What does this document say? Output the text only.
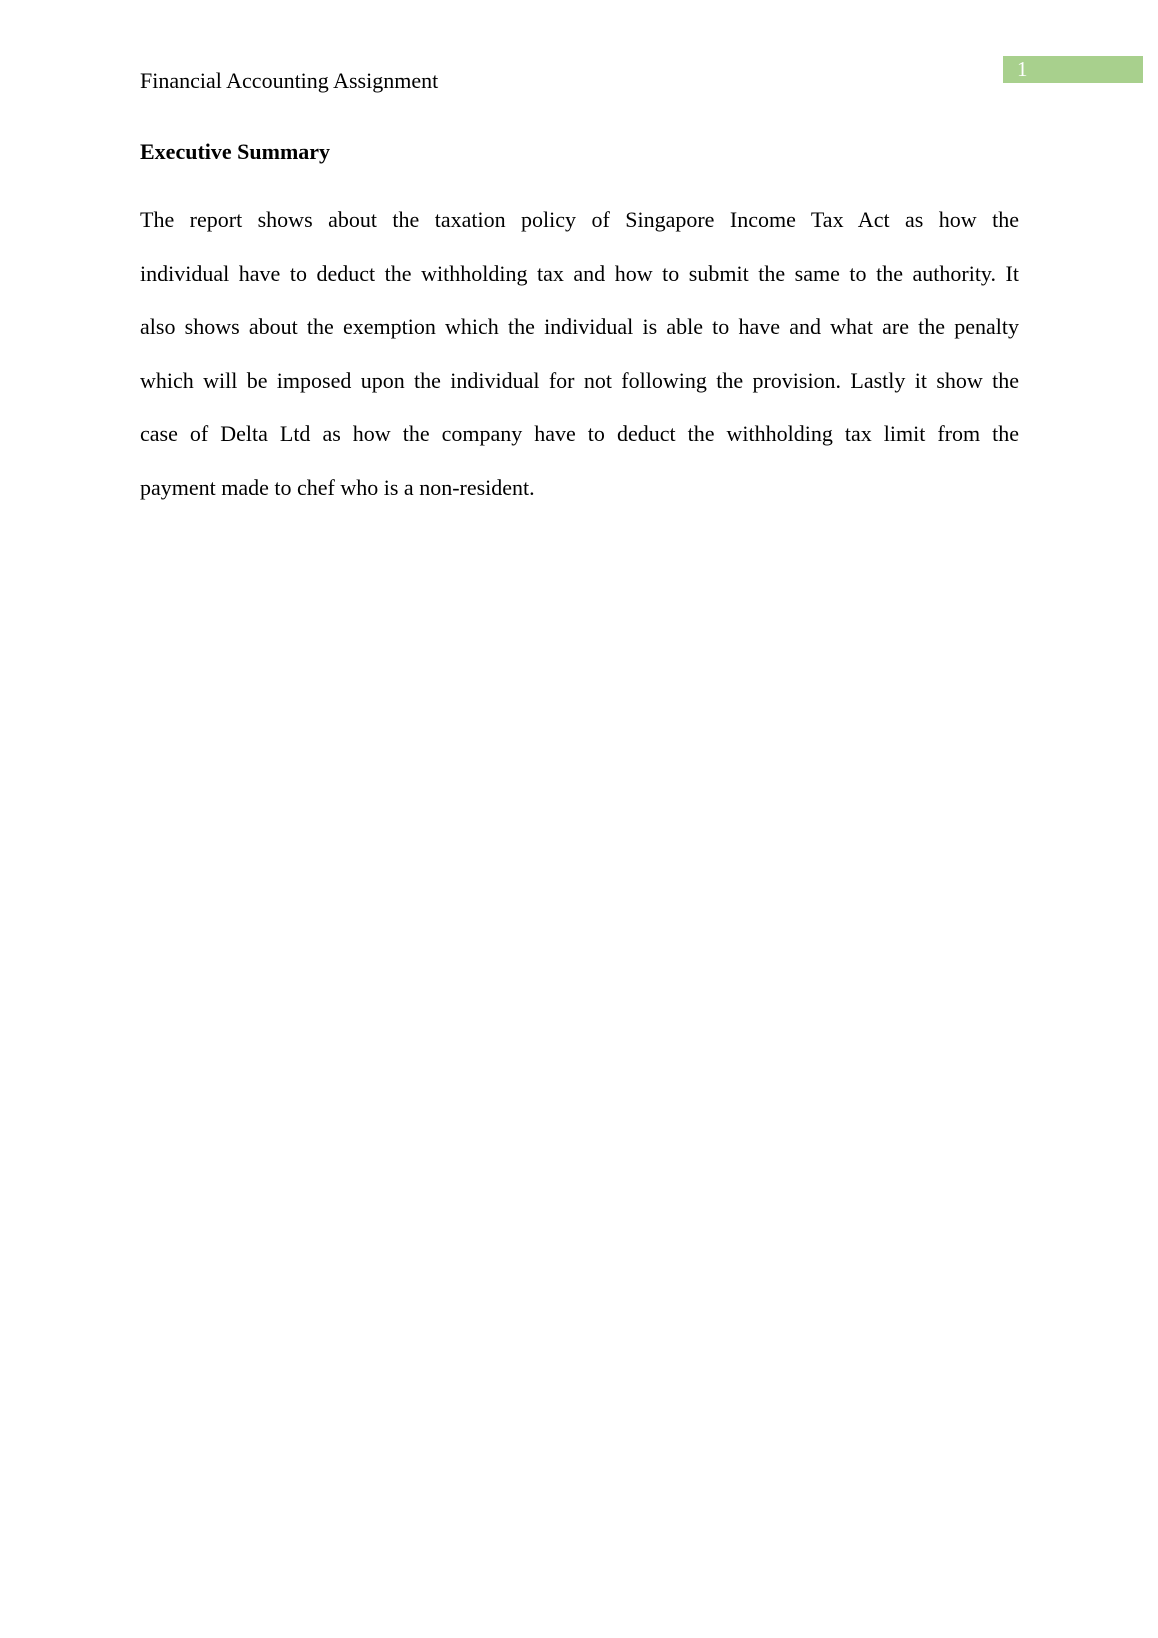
1
Financial Accounting Assignment
Executive Summary
The report shows about the taxation policy of Singapore Income Tax Act as how the
individual have to deduct the withholding tax and how to submit the same to the authority. It
also shows about the exemption which the individual is able to have and what are the penalty
which will be imposed upon the individual for not following the provision. Lastly it show the
case of Delta Ltd as how the company have to deduct the withholding tax limit from the
payment made to chef who is a non-resident.
